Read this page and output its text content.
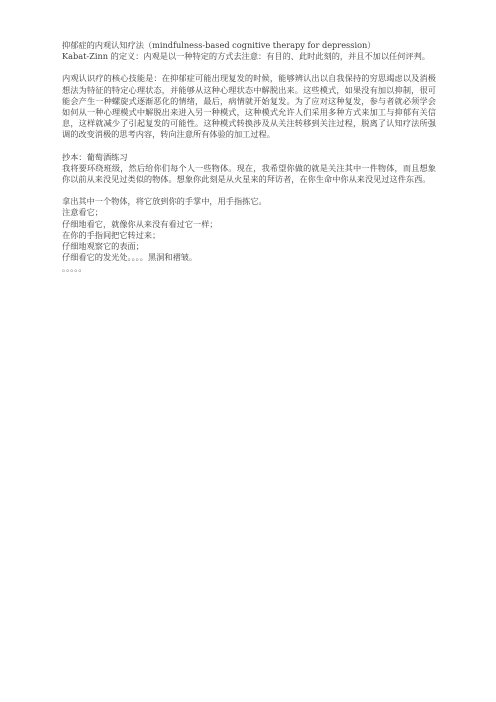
抑郁症的内观认知疗法（mindfulness-based cognitive therapy for depression）
Kabat-Zinn 的定义：内观是以一种特定的方式去注意：有目的、此时此刻的，并且不加以任何评判。
内观认识疗的核心技能是：在抑郁症可能出现复发的时候，能够辨认出以自我保持的穷思竭虑以及消极想法为特征的特定心理状态，并能够从这种心理状态中解脱出来。这些模式，如果没有加以抑制，很可能会产生一种螺旋式逐渐恶化的情绪，最后，病情就开始复发。为了应对这种复发，参与者就必须学会如何从一种心理模式中解脱出来进入另一种模式，这种模式允许人们采用多种方式来加工与抑郁有关信息，这样就减少了引起复发的可能性。这种模式转换涉及从关注转移到关注过程，脱离了认知疗法所强调的改变消极的思考内容，转向注意所有体验的加工过程。
抄本：葡萄酒练习
我将要环绕班级，然后给你们每个人一些物体。现在，我希望你做的就是关注其中一件物体，而且想象你以前从来没见过类似的物体。想象你此刻是从火星来的拜访者，在你生命中你从来没见过这件东西。
拿出其中一个物体，将它放到你的手掌中，用手指拣它。
注意看它；
仔细地看它，就像你从来没有看过它一样；
在你的手指间把它转过来；
仔细地观察它的表面；
仔细看它的发光处。。。。黑洞和褶皱。
。。。。。
